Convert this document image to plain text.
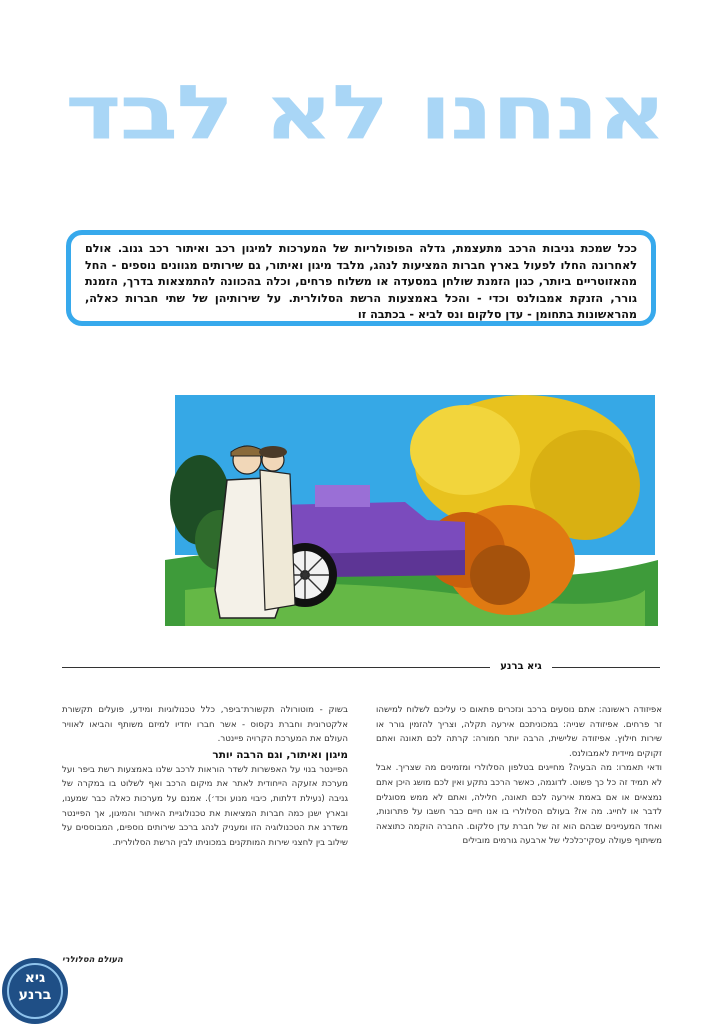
אנחנו לא לבד

ככל שמכת גניבות הרכב מתעצמת, גדלה הפופולריות של המערכות למיגון רכב ואיתור רכב גנוב. אולם לאחרונה החלו לפעול בארץ חברות המציעות לנהג, מלבד מיגון ואיתור, גם שירותים מגוונים נוספים - החל מהאזוטריים ביותר, כגון הזמנת שולחן במסעדה או משלוח פרחים, וכלה בהכוונה להתמצאות בדרך, הזמנת גורר, הזנקת אמבולנס וכדי - והכל באמצעות הרשת הסלולרית. על שירותיהן של שתי חברות כאלה, מהראשונות בתחומן - עדן סלקום ונס לביא - בכתבה זו

גיא ברנע

אפיזודה ראשונה: אתם נוסעים ברכב ונזכרים פתאום כי עליכם לשלוח למישהו זר פרחים. אפיזודה שנייה: במכוניתכם אירעה תקלה, וצריך להזמין גורר או שירות חילוץ. אפיזודה שלישית, הרבה יותר חמורה: קרתה לכם תאונה ואתם זקוקים מיידית לאמבולנס.

ודאי תאמרו: מה הבעיה? מחייגים בטלפון הסלולרי ומזמינים מה שצריך. אבל לא תמיד זה כל כך פשוט. לדוגמה, כאשר הרכב נתקע ואין לכם מושג היכן אתם נמצאים או אם באמת אירעה לכם תאונה, חלילה, ואתם לא ממש מסוגלים לדבר או לחייג. מה אז? בעולם הסלולרי בו אנו חיים כבר חשבו על פתרונות, ואחד המעניינים שבהם הוא זה של חברת עדן סלקום. החברה הוקמה כתוצאה משיתוף פעולה עסקי־כלכלי של ארבעה גורמים מובילים

בשוק - מוטורולה תקשורת־ביפר, כלל טכנולוגיות ומידע, פועלים תקשורת אלקטרונית וחברת נקסוס - אשר חברו יחדיו למיזם משותף והביאו לאוויר העולם את המערכת הקרויה פיינטר.

מיגון ואיתור, וגם הרבה יותר

הפיינטר בנוי על האפשרות לשדר הוראות לרכב שלנו באמצעות רשת ביפר ועל מערכת אזעקה הייחודית לאתר את מיקום הרכב ואף לשלוט בו במקרה של גניבה (נעילת דלתות, כיבוי מנוע וכד׳). אמנם על מערכות כאלה כבר שמענו, ובארץ ישנן כמה חברות המציאות את טכנולוגיית האיתור והמיגון, אך הפיינטר משדרג את הטכנולוגיה הזו ומעניק לנהג ברכב שירותים נוספים, המבוססים על שילוב בין לחצני שירות המותקנים במכוניתו לבין הרשת הסלולרית.

העולם הסלולרי
גיא ברנע
